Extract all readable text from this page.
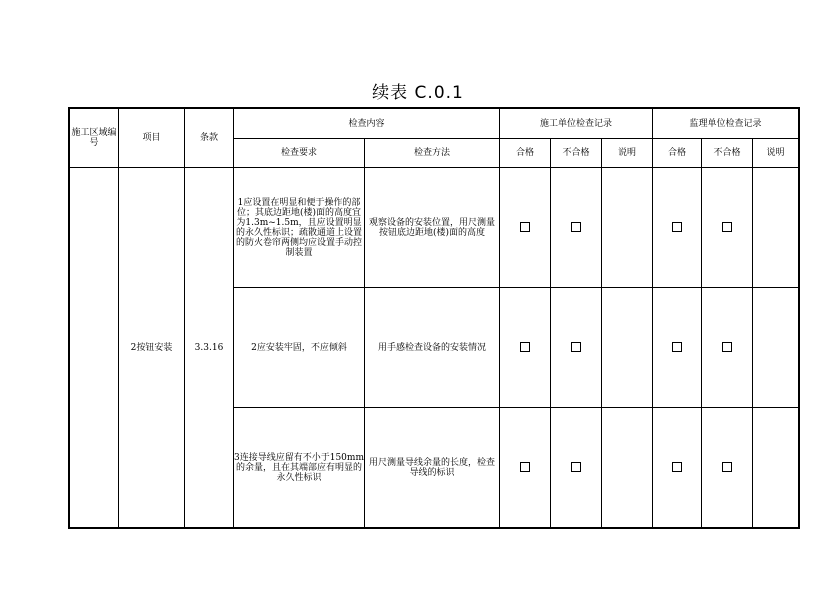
续表 C.0.1
施工区域编号	项目	条款	检查内容		施工单位检查记录			监理单位检查记录		
			检查要求	检查方法	合格	不合格	说明	合格	不合格	说明
	2按钮安装	3.3.16	1应设置在明显和便于操作的部位；其底边距地(楼)面的高度宜为1.3m~1.5m，且应设置明显的永久性标识；疏散通道上设置的防火卷帘两侧均应设置手动控制装置	观察设备的安装位置，用尺测量按钮底边距地(楼)面的高度						
			2应安装牢固，不应倾斜	用手感检查设备的安装情况						
			3连接导线应留有不小于150mm的余量，且在其端部应有明显的永久性标识	用尺测量导线余量的长度，检查导线的标识						
